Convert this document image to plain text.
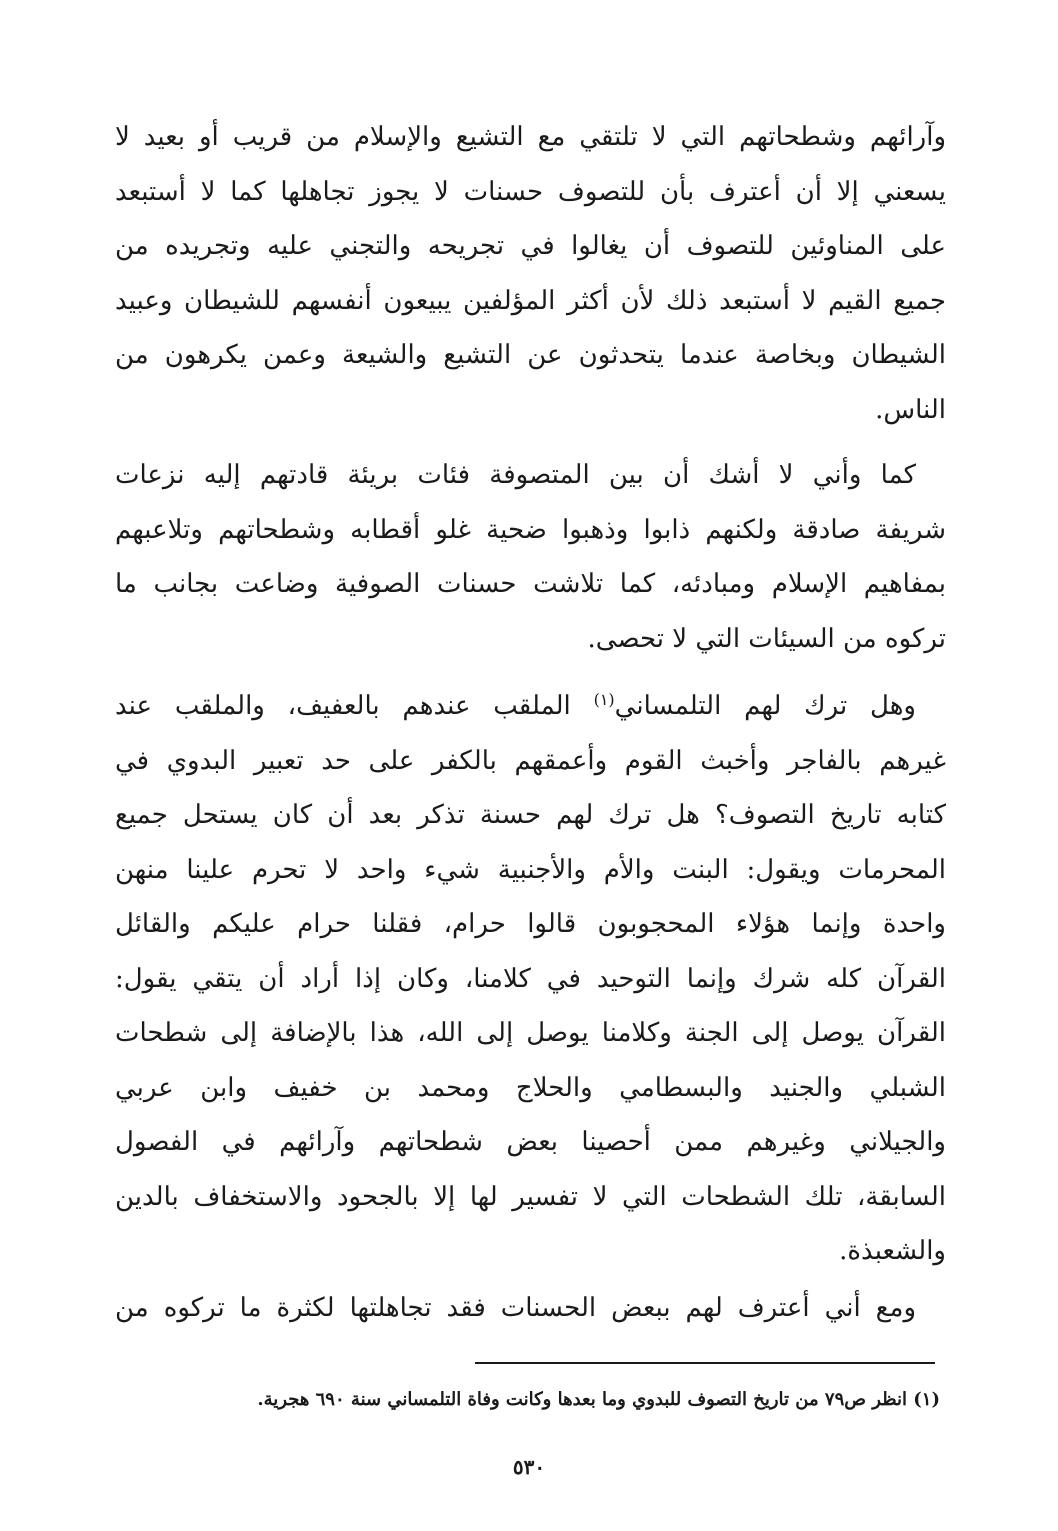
وآرائهم وشطحاتهم التي لا تلتقي مع التشيع والإسلام من قريب أو بعيد لا
يسعني إلا أن أعترف بأن للتصوف حسنات لا يجوز تجاهلها كما لا أستبعد
على المناوئين للتصوف أن يغالوا في تجريحه والتجني عليه وتجريده من
جميع القيم لا أستبعد ذلك لأن أكثر المؤلفين يبيعون أنفسهم للشيطان وعبيد
الشيطان وبخاصة عندما يتحدثون عن التشيع والشيعة وعمن يكرهون من
الناس.
كما وأني لا أشك أن بين المتصوفة فئات بريئة قادتهم إليه نزعات
شريفة صادقة ولكنهم ذابوا وذهبوا ضحية غلو أقطابه وشطحاتهم وتلاعبهم
بمفاهيم الإسلام ومبادئه، كما تلاشت حسنات الصوفية وضاعت بجانب ما
تركوه من السيئات التي لا تحصى.
وهل ترك لهم التلمساني$^{(١)}$ الملقب عندهم بالعفيف، والملقب عند
غيرهم بالفاجر وأخبث القوم وأعمقهم بالكفر على حد تعبير البدوي في
كتابه تاريخ التصوف؟ هل ترك لهم حسنة تذكر بعد أن كان يستحل جميع
المحرمات ويقول: البنت والأم والأجنبية شيء واحد لا تحرم علينا منهن
واحدة وإنما هؤلاء المحجوبون قالوا حرام، فقلنا حرام عليكم والقائل
القرآن كله شرك وإنما التوحيد في كلامنا، وكان إذا أراد أن يتقي يقول:
القرآن يوصل إلى الجنة وكلامنا يوصل إلى الله، هذا بالإضافة إلى شطحات
الشبلي والجنيد والبسطامي والحلاج ومحمد بن خفيف وابن عربي
والجيلاني وغيرهم ممن أحصينا بعض شطحاتهم وآرائهم في الفصول
السابقة، تلك الشطحات التي لا تفسير لها إلا بالجحود والاستخفاف بالدين
والشعبذة.
ومع أني أعترف لهم ببعض الحسنات فقد تجاهلتها لكثرة ما تركوه من
(١) انظر ص٧٩ من تاريخ التصوف للبدوي وما بعدها وكانت وفاة التلمساني سنة ٦٩٠ هجرية.
٥٣٠
